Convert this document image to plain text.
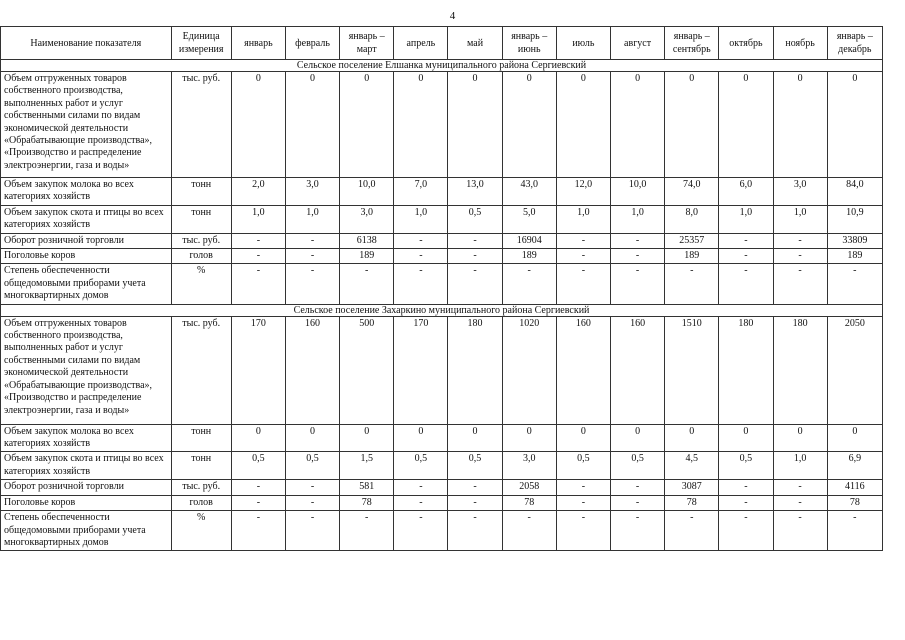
4
Наименование показателя	Единица измерения	январь	февраль	январь – март	апрель	май	январь – июнь	июль	август	январь – сентябрь	октябрь	ноябрь	январь – декабрь
Сельское поселение Елшанка муниципального района Сергиевский													
Объем отгруженных товаров собственного производства, выполненных работ и услуг собственными силами по видам экономической деятельности «Обрабатывающие производства», «Производство и распределение электроэнергии, газа и воды»	тыс. руб.	0	0	0	0	0	0	0	0	0	0	0	0
Объем закупок молока во всех категориях хозяйств	тонн	2,0	3,0	10,0	7,0	13,0	43,0	12,0	10,0	74,0	6,0	3,0	84,0
Объем закупок скота и птицы во всех категориях хозяйств	тонн	1,0	1,0	3,0	1,0	0,5	5,0	1,0	1,0	8,0	1,0	1,0	10,9
Оборот розничной торговли	тыс. руб.	-	-	6138	-	-	16904	-	-	25357	-	-	33809
Поголовье коров	голов	-	-	189	-	-	189	-	-	189	-	-	189
Степень обеспеченности общедомовыми приборами учета многоквартирных домов	%	-	-	-	-	-	-	-	-	-	-	-	-
Сельское поселение Захаркино муниципального района Сергиевский													
Объем отгруженных товаров собственного производства, выполненных работ и услуг собственными силами по видам экономической деятельности «Обрабатывающие производства», «Производство и распределение электроэнергии, газа и воды»	тыс. руб.	170	160	500	170	180	1020	160	160	1510	180	180	2050
Объем закупок молока во всех категориях хозяйств	тонн	0	0	0	0	0	0	0	0	0	0	0	0
Объем закупок скота и птицы во всех категориях хозяйств	тонн	0,5	0,5	1,5	0,5	0,5	3,0	0,5	0,5	4,5	0,5	1,0	6,9
Оборот розничной торговли	тыс. руб.	-	-	581	-	-	2058	-	-	3087	-	-	4116
Поголовье коров	голов	-	-	78	-	-	78	-	-	78	-	-	78
Степень обеспеченности общедомовыми приборами учета многоквартирных домов	%	-	-	-	-	-	-	-	-	-	-	-	-
